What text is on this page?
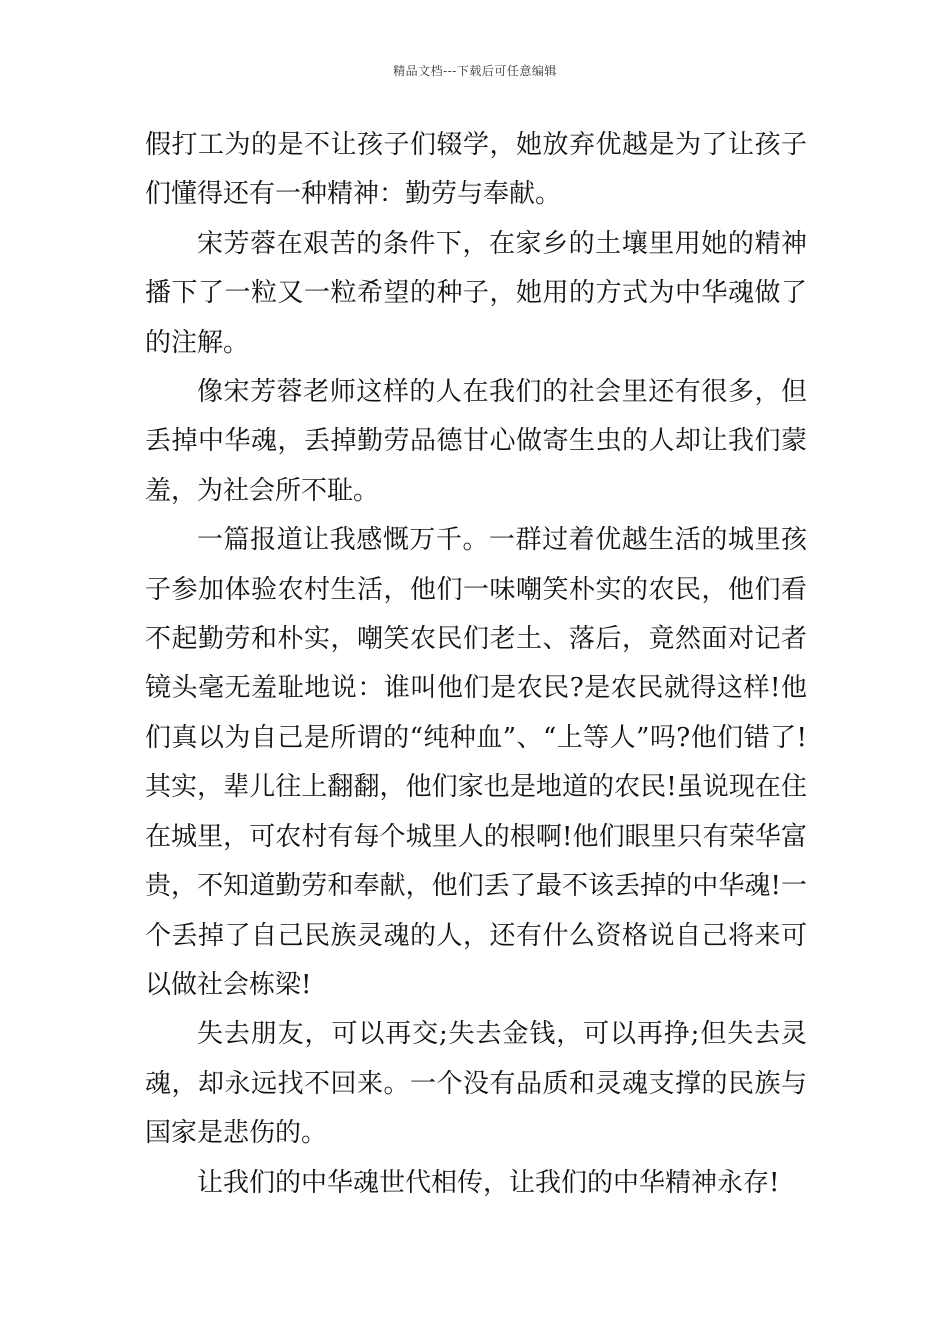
精品文档---下载后可任意编辑

假打工为的是不让孩子们辍学，她放弃优越是为了让孩子们懂得还有一种精神：勤劳与奉献。

宋芳蓉在艰苦的条件下，在家乡的土壤里用她的精神播下了一粒又一粒希望的种子，她用的方式为中华魂做了的注解。

像宋芳蓉老师这样的人在我们的社会里还有很多，但丢掉中华魂，丢掉勤劳品德甘心做寄生虫的人却让我们蒙羞，为社会所不耻。

一篇报道让我感慨万千。一群过着优越生活的城里孩子参加体验农村生活，他们一味嘲笑朴实的农民，他们看不起勤劳和朴实，嘲笑农民们老土、落后，竟然面对记者镜头毫无羞耻地说：谁叫他们是农民?是农民就得这样!他们真以为自己是所谓的“纯种血”、“上等人”吗?他们错了!其实，辈儿往上翻翻，他们家也是地道的农民!虽说现在住在城里，可农村有每个城里人的根啊!他们眼里只有荣华富贵，不知道勤劳和奉献，他们丢了最不该丢掉的中华魂!一个丢掉了自己民族灵魂的人，还有什么资格说自己将来可以做社会栋梁!

失去朋友，可以再交;失去金钱，可以再挣;但失去灵魂，却永远找不回来。一个没有品质和灵魂支撑的民族与国家是悲伤的。

让我们的中华魂世代相传，让我们的中华精神永存!
